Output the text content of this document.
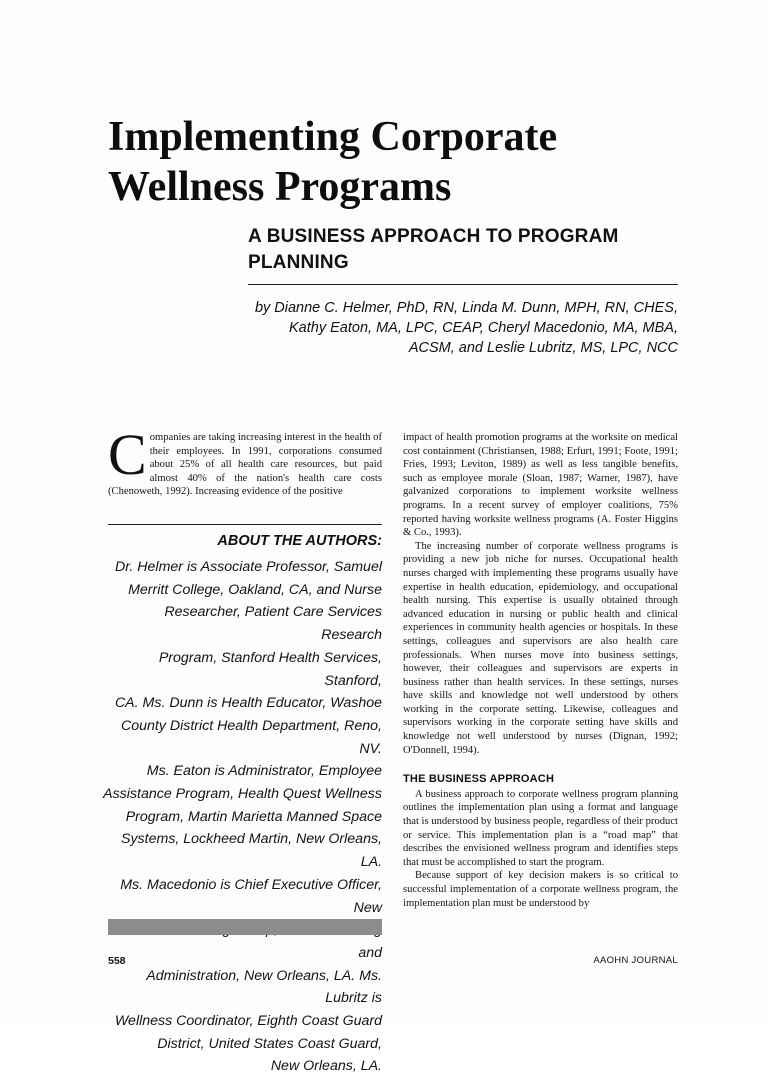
Implementing Corporate
Wellness Programs
A BUSINESS APPROACH TO PROGRAM
PLANNING

by Dianne C. Helmer, PhD, RN, Linda M. Dunn, MPH, RN, CHES,
Kathy Eaton, MA, LPC, CEAP, Cheryl Macedonio, MA, MBA,
ACSM, and Leslie Lubritz, MS, LPC, NCC

Companies are taking increasing interest in the health of their employees. In 1991, corporations consumed about 25% of all health care resources, but paid almost 40% of the nation's health care costs (Chenoweth, 1992). Increasing evidence of the positive
ABOUT THE AUTHORS:

Dr. Helmer is Associate Professor, Samuel
Merritt College, Oakland, CA, and Nurse
Researcher, Patient Care Services Research
Program, Stanford Health Services, Stanford,
CA. Ms. Dunn is Health Educator, Washoe
County District Health Department, Reno, NV.
Ms. Eaton is Administrator, Employee
Assistance Program, Health Quest Wellness
Program, Martin Marietta Manned Space
Systems, Lockheed Martin, New Orleans, LA.
Ms. Macedonio is Chief Executive Officer, New
and
Administration, New Orleans, LA. Ms. Lubritz is
Wellness Coordinator, Eighth Coast Guard
District, United States Coast Guard,
New Orleans, LA.

impact of health promotion programs at the worksite on medical cost containment (Christiansen, 1988; Erfurt, 1991; Foote, 1991; Fries, 1993; Leviton, 1989) as well as less tangible benefits, such as employee morale (Sloan, 1987; Warner, 1987), have galvanized corporations to implement worksite wellness programs. In a recent survey of employer coalitions, 75% reported having worksite wellness programs (A. Foster Higgins & Co., 1993).

The increasing number of corporate wellness programs is providing a new job niche for nurses. Occupational health nurses charged with implementing these programs usually have expertise in health education, epidemiology, and occupational health nursing. This expertise is usually obtained through advanced education in nursing or public health and clinical experiences in community health agencies or hospitals. In these settings, colleagues and supervisors are also health care professionals. When nurses move into business settings, however, their colleagues and supervisors are experts in business rather than health services. In these settings, nurses have skills and knowledge not well understood by others working in the corporate setting. Likewise, colleagues and supervisors working in the corporate setting have skills and knowledge not well understood by nurses (Dignan, 1992; O'Donnell, 1994).

THE BUSINESS APPROACH

A business approach to corporate wellness program planning outlines the implementation plan using a format and language that is understood by business people, regardless of their product or service. This implementation plan is a “road map” that describes the envisioned wellness program and identifies steps that must be accomplished to start the program.

Because support of key decision makers is so critical to successful implementation of a corporate wellness program, the implementation plan must be understood by

558	AAOHN JOURNAL
